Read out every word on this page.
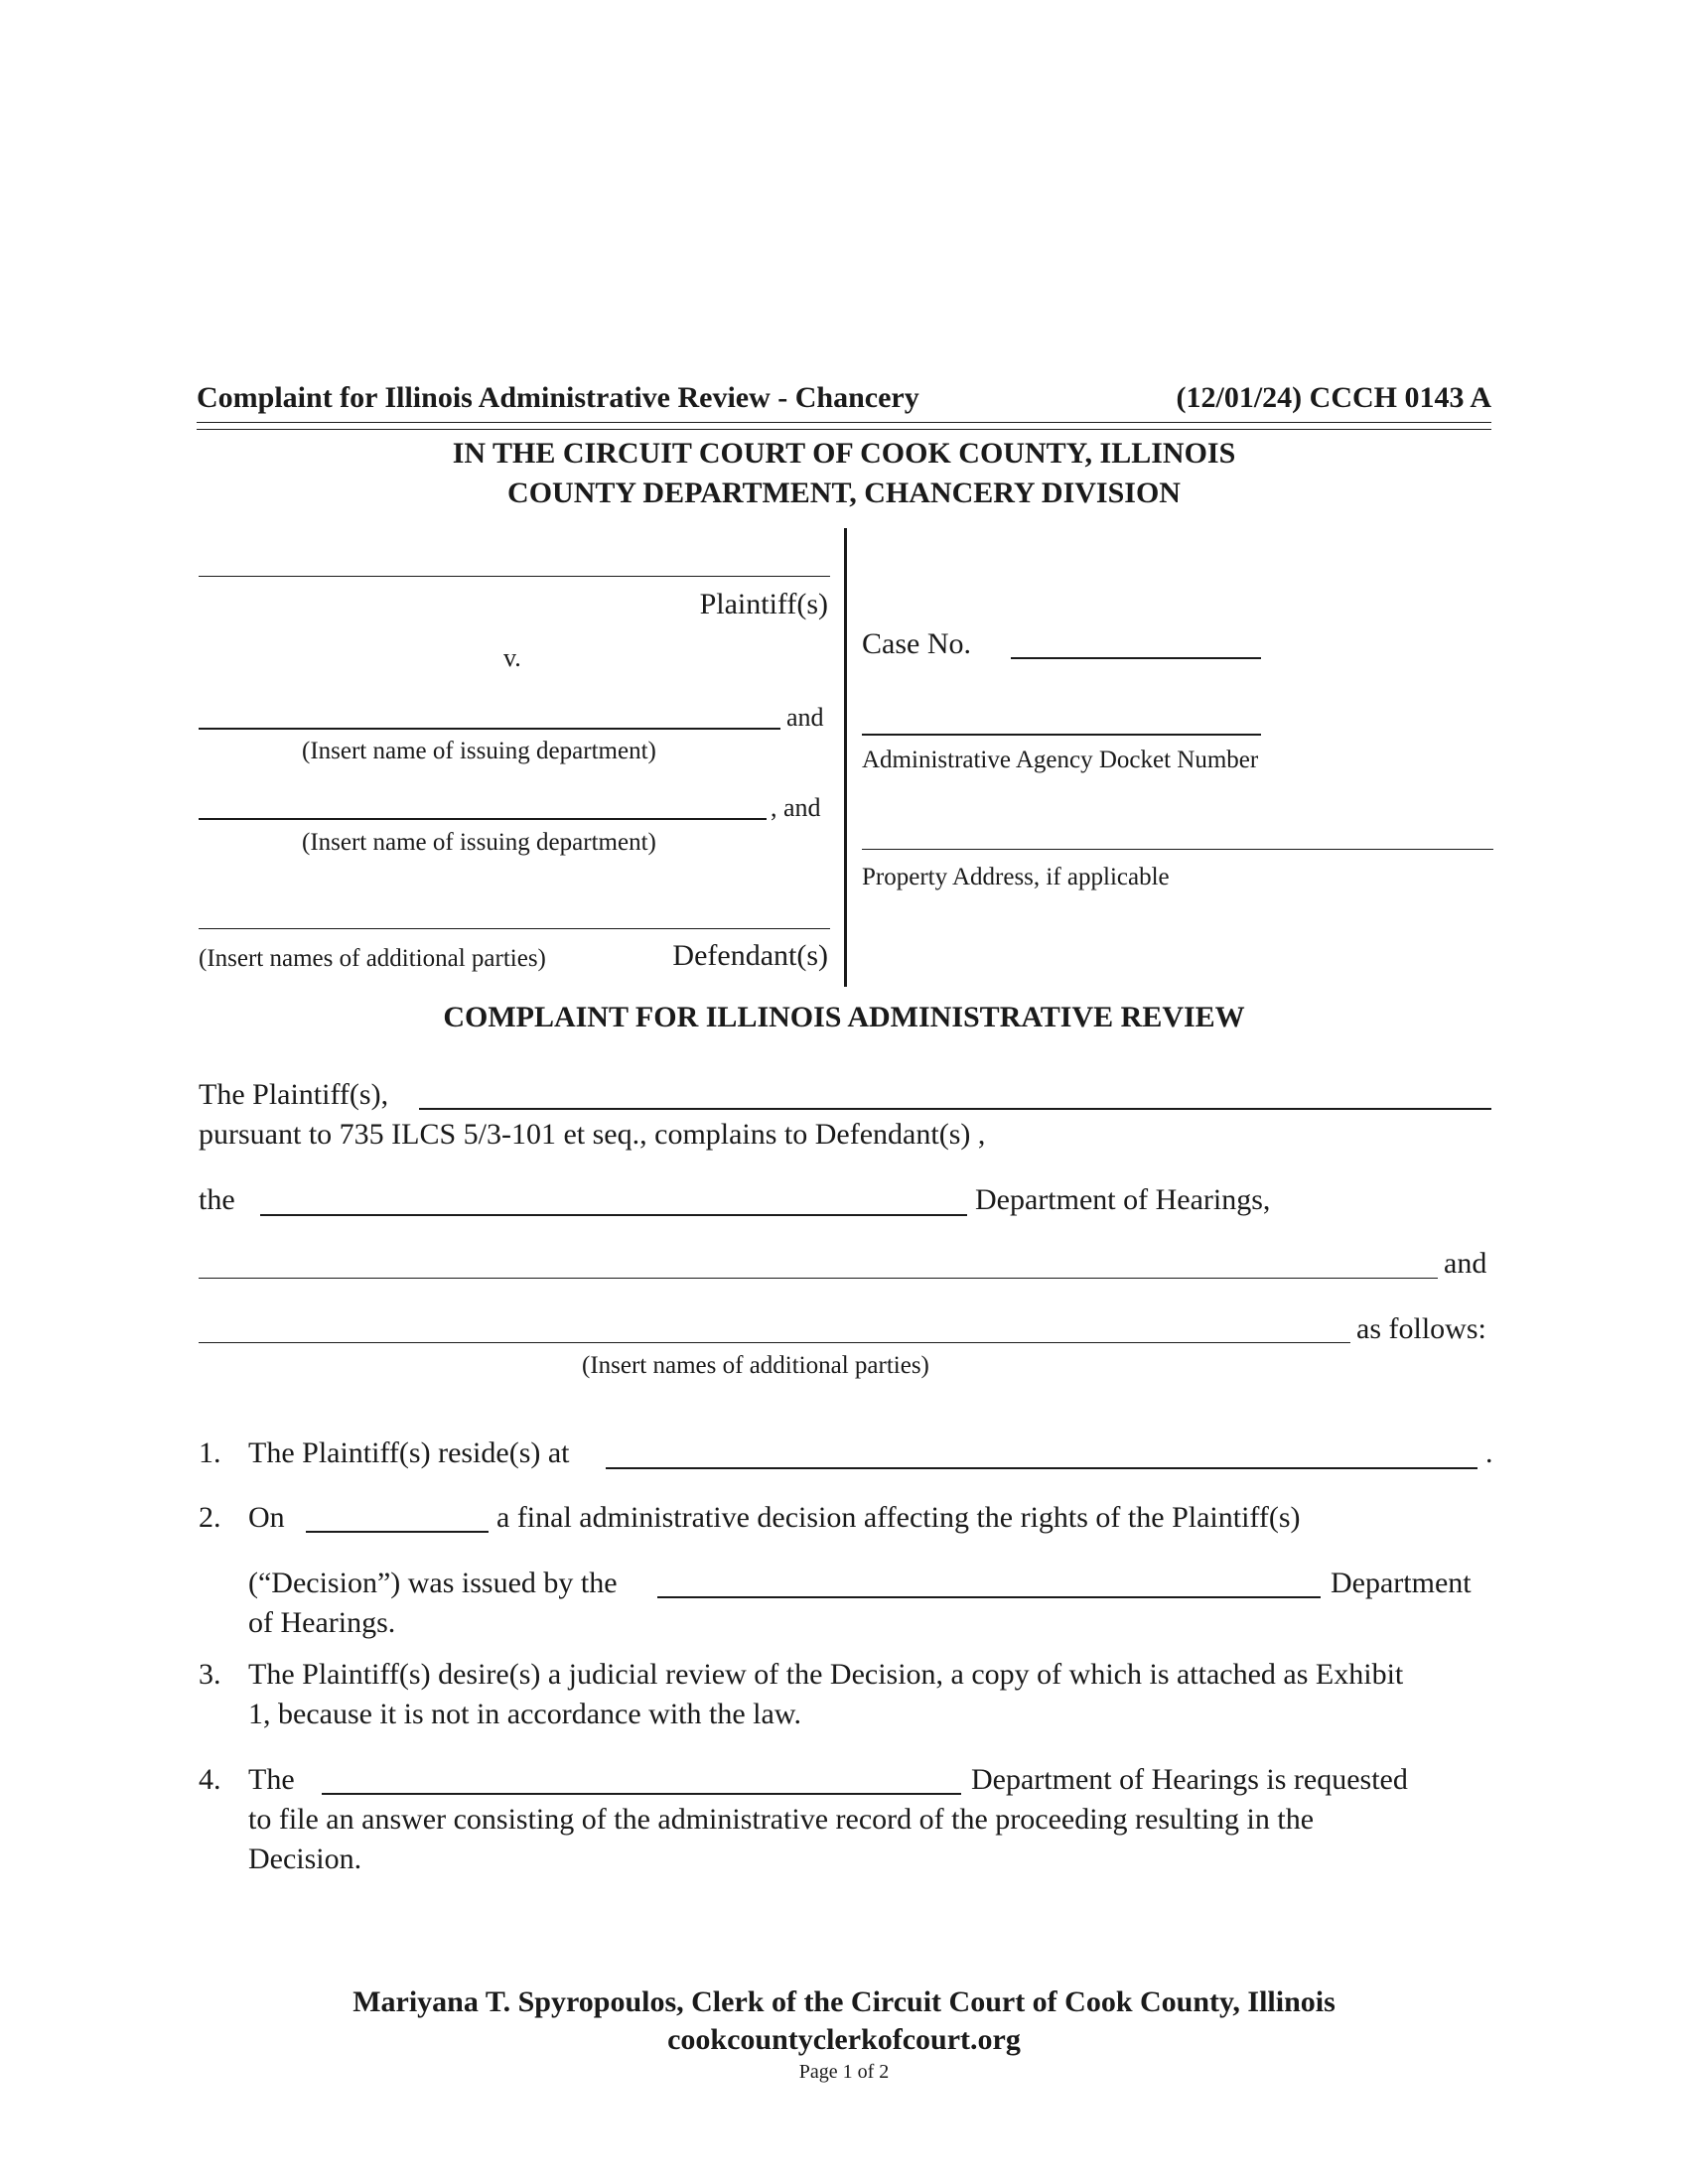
Complaint for Illinois Administrative Review - Chancery	(12/01/24) CCCH 0143 A
IN THE CIRCUIT COURT OF COOK COUNTY, ILLINOIS
COUNTY DEPARTMENT, CHANCERY DIVISION
Plaintiff(s)
v.
and
(Insert name of issuing department)
, and
(Insert name of issuing department)
(Insert names of additional parties)	Defendant(s)
Case No.
Administrative Agency Docket Number
Property Address, if applicable
COMPLAINT FOR ILLINOIS ADMINISTRATIVE REVIEW
The Plaintiff(s),
pursuant to 735 ILCS 5/3-101 et seq., complains to Defendant(s) ,
the	Department of Hearings,
and
as follows:
(Insert names of additional parties)
1. The Plaintiff(s) reside(s) at	.
2. On	a final administrative decision affecting the rights of the Plaintiff(s)
(“Decision”) was issued by the	Department
of Hearings.
3. The Plaintiff(s) desire(s) a judicial review of the Decision, a copy of which is attached as Exhibit
1, because it is not in accordance with the law.
4. The	Department of Hearings is requested
to file an answer consisting of the administrative record of the proceeding resulting in the
Decision.
Mariyana T. Spyropoulos, Clerk of the Circuit Court of Cook County, Illinois
cookcountyclerkofcourt.org
Page 1 of 2
